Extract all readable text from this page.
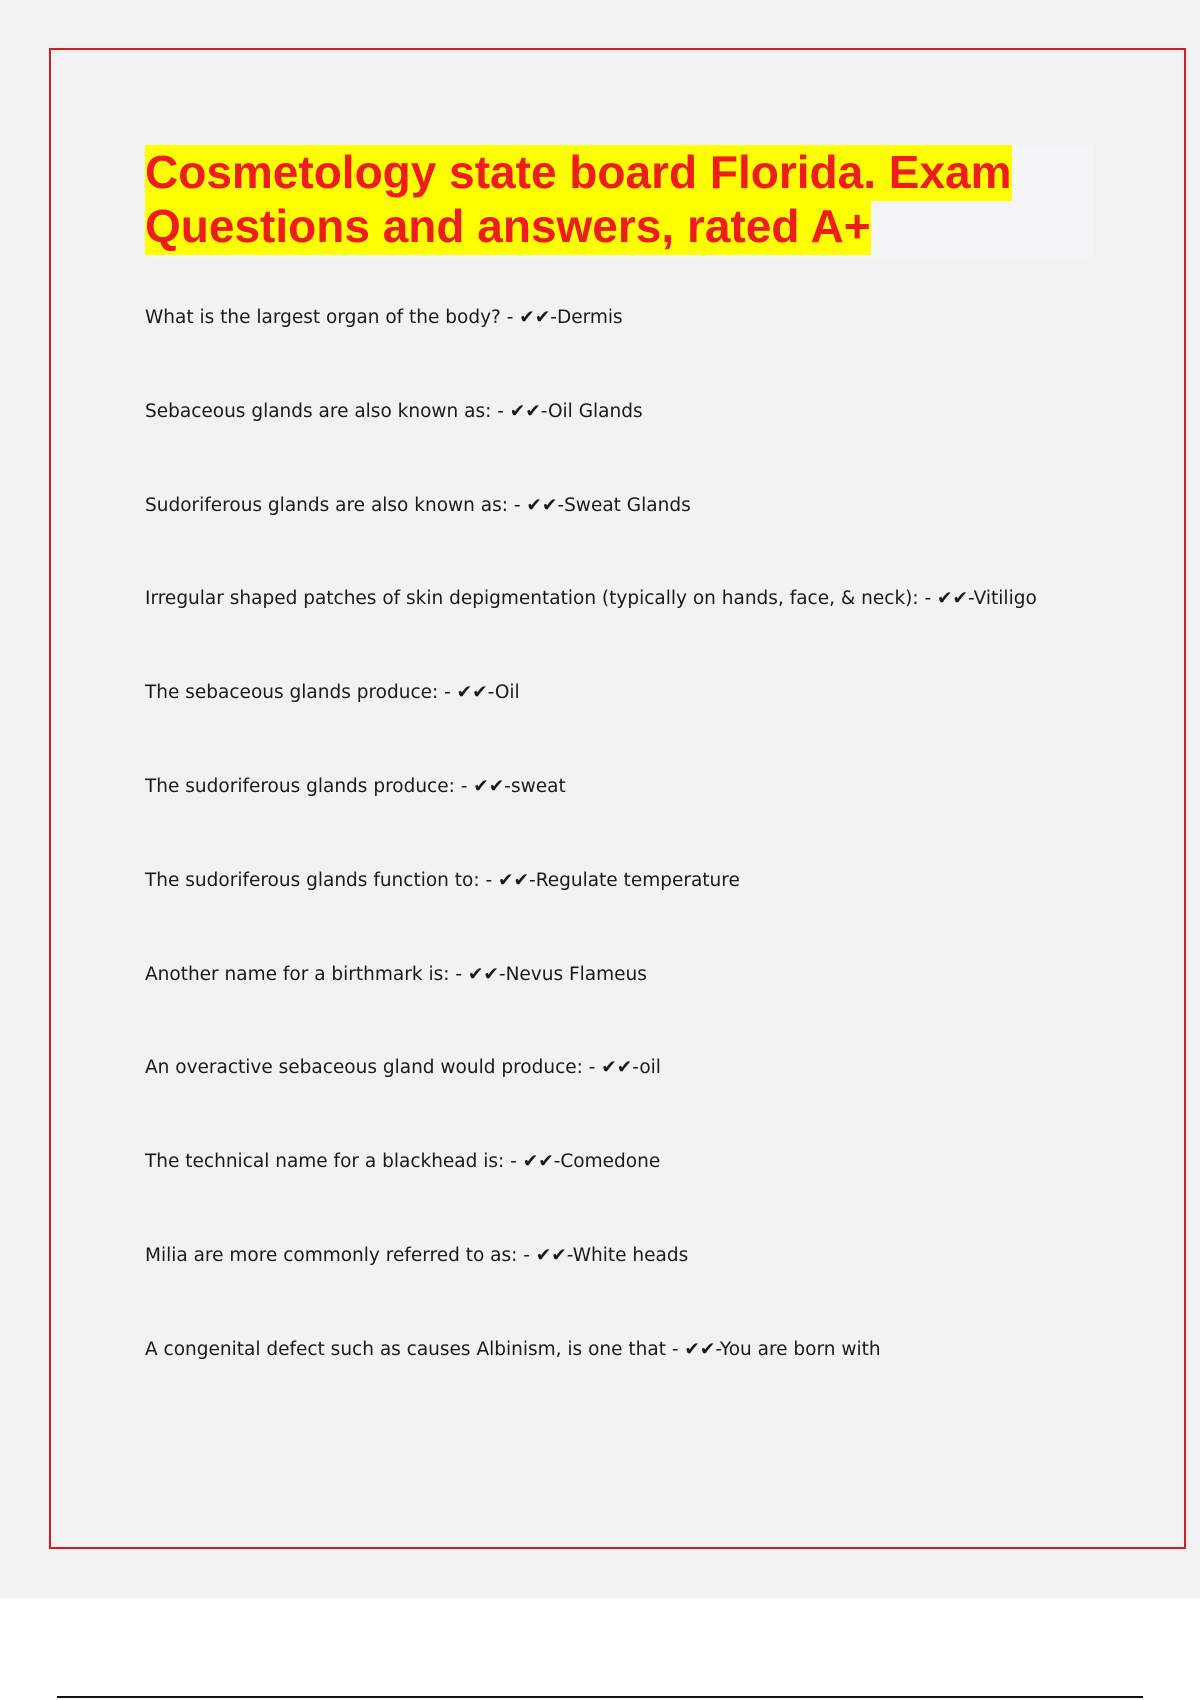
Cosmetology state board Florida. Exam
Questions and answers, rated A+
What is the largest organ of the body? - ✔✔-Dermis
Sebaceous glands are also known as: - ✔✔-Oil Glands
Sudoriferous glands are also known as: - ✔✔-Sweat Glands
Irregular shaped patches of skin depigmentation (typically on hands, face, & neck): - ✔✔-Vitiligo
The sebaceous glands produce: - ✔✔-Oil
The sudoriferous glands produce: - ✔✔-sweat
The sudoriferous glands function to: - ✔✔-Regulate temperature
Another name for a birthmark is: - ✔✔-Nevus Flameus
An overactive sebaceous gland would produce: - ✔✔-oil
The technical name for a blackhead is: - ✔✔-Comedone
Milia are more commonly referred to as: - ✔✔-White heads
A congenital defect such as causes Albinism, is one that - ✔✔-You are born with
